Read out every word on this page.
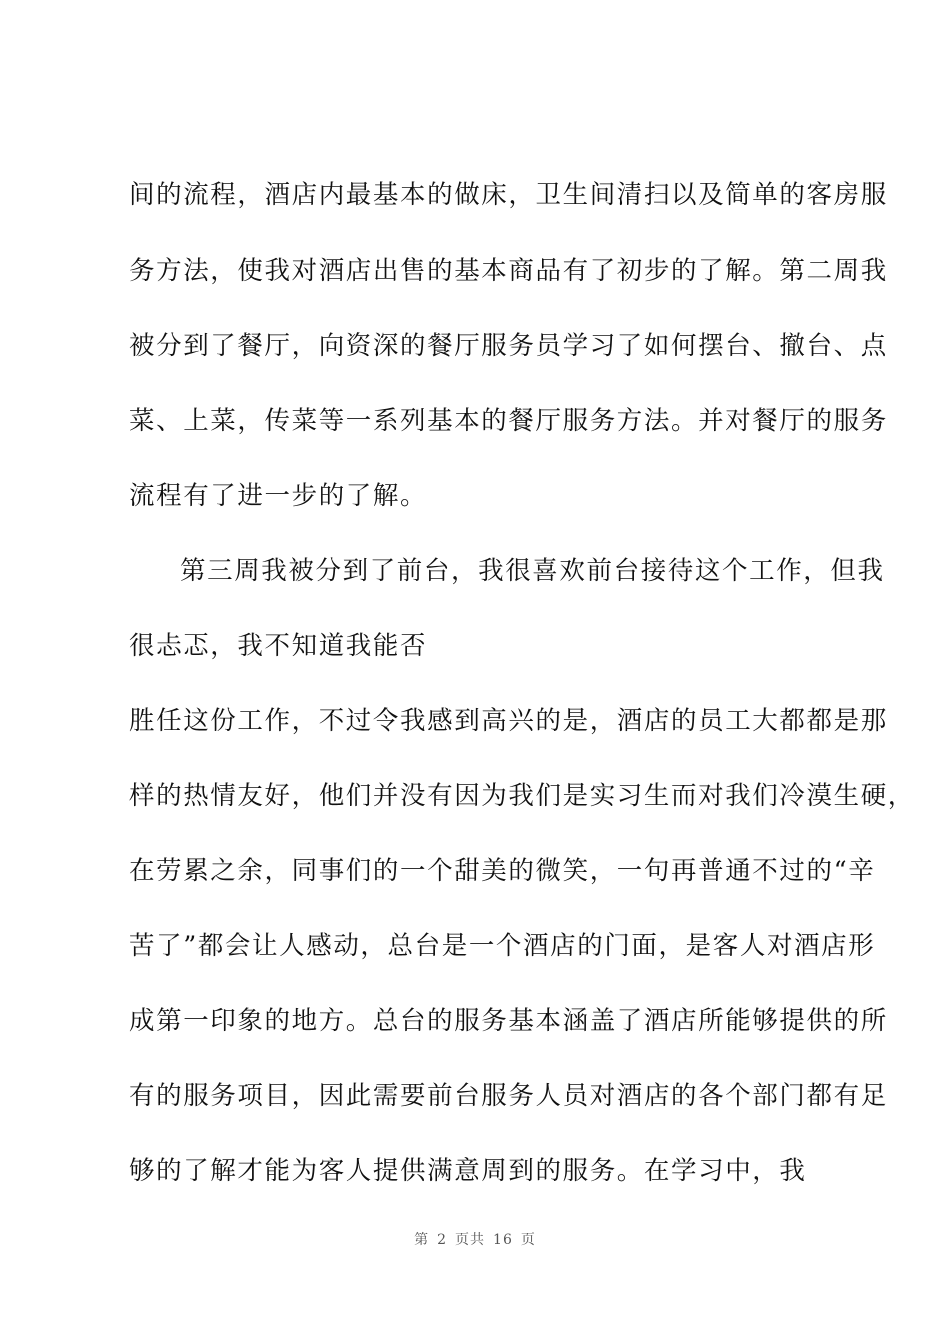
间的流程，酒店内最基本的做床，卫生间清扫以及简单的客房服
务方法，使我对酒店出售的基本商品有了初步的了解。第二周我
被分到了餐厅，向资深的餐厅服务员学习了如何摆台、撤台、点
菜、上菜，传菜等一系列基本的餐厅服务方法。并对餐厅的服务
流程有了进一步的了解。
第三周我被分到了前台，我很喜欢前台接待这个工作，但我
很忐忑，我不知道我能否
胜任这份工作，不过令我感到高兴的是，酒店的员工大都都是那
样的热情友好，他们并没有因为我们是实习生而对我们冷漠生硬，
在劳累之余，同事们的一个甜美的微笑，一句再普通不过的“辛
苦了”都会让人感动，总台是一个酒店的门面，是客人对酒店形
成第一印象的地方。总台的服务基本涵盖了酒店所能够提供的所
有的服务项目，因此需要前台服务人员对酒店的各个部门都有足
够的了解才能为客人提供满意周到的服务。在学习中，我
第 2 页共 16 页
